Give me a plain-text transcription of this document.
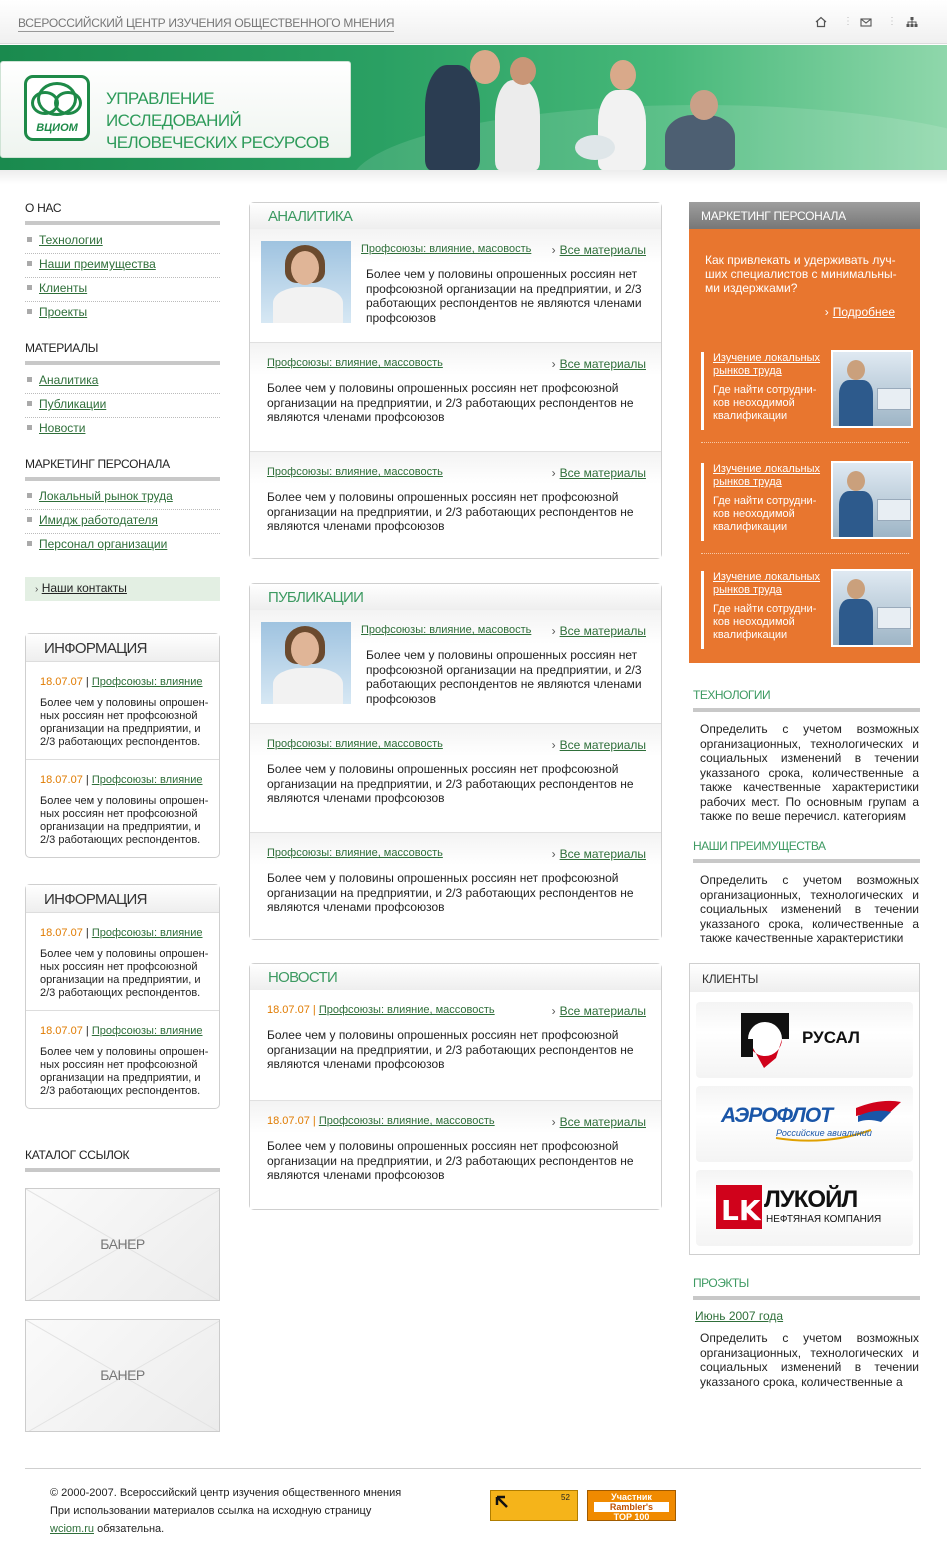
ВСЕРОССИЙСКИЙ ЦЕНТР ИЗУЧЕНИЯ ОБЩЕСТВЕННОГО МНЕНИЯ	⋮	⋮
ВЦИОМ
УПРАВЛЕНИЕ ИССЛЕДОВАНИЙ
ЧЕЛОВЕЧЕСКИХ РЕСУРСОВ
О НАС
Технологии
Наши преимущества
Клиенты
Проекты
МАТЕРИАЛЫ
Аналитика
Публикации
Новости
МАРКЕТИНГ ПЕРСОНАЛА
Локальный рынок труда
Имидж работодателя
Персонал организации
› Наши контакты
ИНФОРМАЦИЯ
18.07.07 | Профсоюзы: влияние
Более чем у половины опрошенных россиян нет профсоюзной организации на предприятии, и 2/3 работающих респондентов.
18.07.07 | Профсоюзы: влияние
Более чем у половины опрошенных россиян нет профсоюзной организации на предприятии, и 2/3 работающих респондентов.
ИНФОРМАЦИЯ
18.07.07 | Профсоюзы: влияние
Более чем у половины опрошенных россиян нет профсоюзной организации на предприятии, и 2/3 работающих респондентов.
18.07.07 | Профсоюзы: влияние
Более чем у половины опрошенных россиян нет профсоюзной организации на предприятии, и 2/3 работающих респондентов.
КАТАЛОГ ССЫЛОК
БАНЕР
БАНЕР
АНАЛИТИКА
Профсоюзы: влияние, масовость	› Все материалы
Более чем у половины опрошенных россиян нет профсоюзной организации на предприятии, и 2/3 работающих респондентов не являются членами профсоюзов
Профсоюзы: влияние, массовость	› Все материалы
Более чем у половины опрошенных россиян нет профсоюзной организации на предприятии, и 2/3 работающих респондентов не являются членами профсоюзов
Профсоюзы: влияние, массовость	› Все материалы
Более чем у половины опрошенных россиян нет профсоюзной организации на предприятии, и 2/3 работающих респондентов не являются членами профсоюзов
ПУБЛИКАЦИИ
Профсоюзы: влияние, масовость	› Все материалы
Более чем у половины опрошенных россиян нет профсоюзной организации на предприятии, и 2/3 работающих респондентов не являются членами профсоюзов
Профсоюзы: влияние, массовость	› Все материалы
Более чем у половины опрошенных россиян нет профсоюзной организации на предприятии, и 2/3 работающих респондентов не являются членами профсоюзов
Профсоюзы: влияние, массовость	› Все материалы
Более чем у половины опрошенных россиян нет профсоюзной организации на предприятии, и 2/3 работающих респондентов не являются членами профсоюзов
НОВОСТИ
18.07.07 | Профсоюзы: влияние, массовость	› Все материалы
Более чем у половины опрошенных россиян нет профсоюзной организации на предприятии, и 2/3 работающих респондентов не являются членами профсоюзов
18.07.07 | Профсоюзы: влияние, массовость	› Все материалы
Более чем у половины опрошенных россиян нет профсоюзной организации на предприятии, и 2/3 работающих респондентов не являются членами профсоюзов
МАРКЕТИНГ ПЕРСОНАЛА
Как привлекать и удерживать лучших специалистов с минимальными издержками?
› Подробнее
Изучение локальных рынков труда
Где найти сотрудников неоходимой квалификации
Изучение локальных рынков труда
Где найти сотрудников неоходимой квалификации
Изучение локальных рынков труда
Где найти сотрудников неоходимой квалификации
ТЕХНОЛОГИИ
Определить с учетом возможных организационных, технологических и социальных изменений в течении указзаного срока, количественные а также качественные характеристики рабочих мест. По основным групам а также по веше перечисл. категориям
НАШИ ПРЕИМУЩЕСТВА
Определить с учетом возможных организационных, технологических и социальных изменений в течении указзаного срока, количественные а также качественные характеристики
КЛИЕНТЫ
РУСАЛ
АЭРОФЛОТ
Российские авиалинии
LK ЛУКОЙЛ
НЕФТЯНАЯ КОМПАНИЯ
ПРОЭКТЫ
Июнь 2007 года
Определить с учетом возможных организационных, технологических и социальных изменений в течении указзаного срока, количественные а
© 2000-2007. Всероссийский центр изучения общественного мнения
При использовании материалов ссылка на исходную страницу
wciom.ru обязательна.
52	Участник
Rambler's
TOP 100
